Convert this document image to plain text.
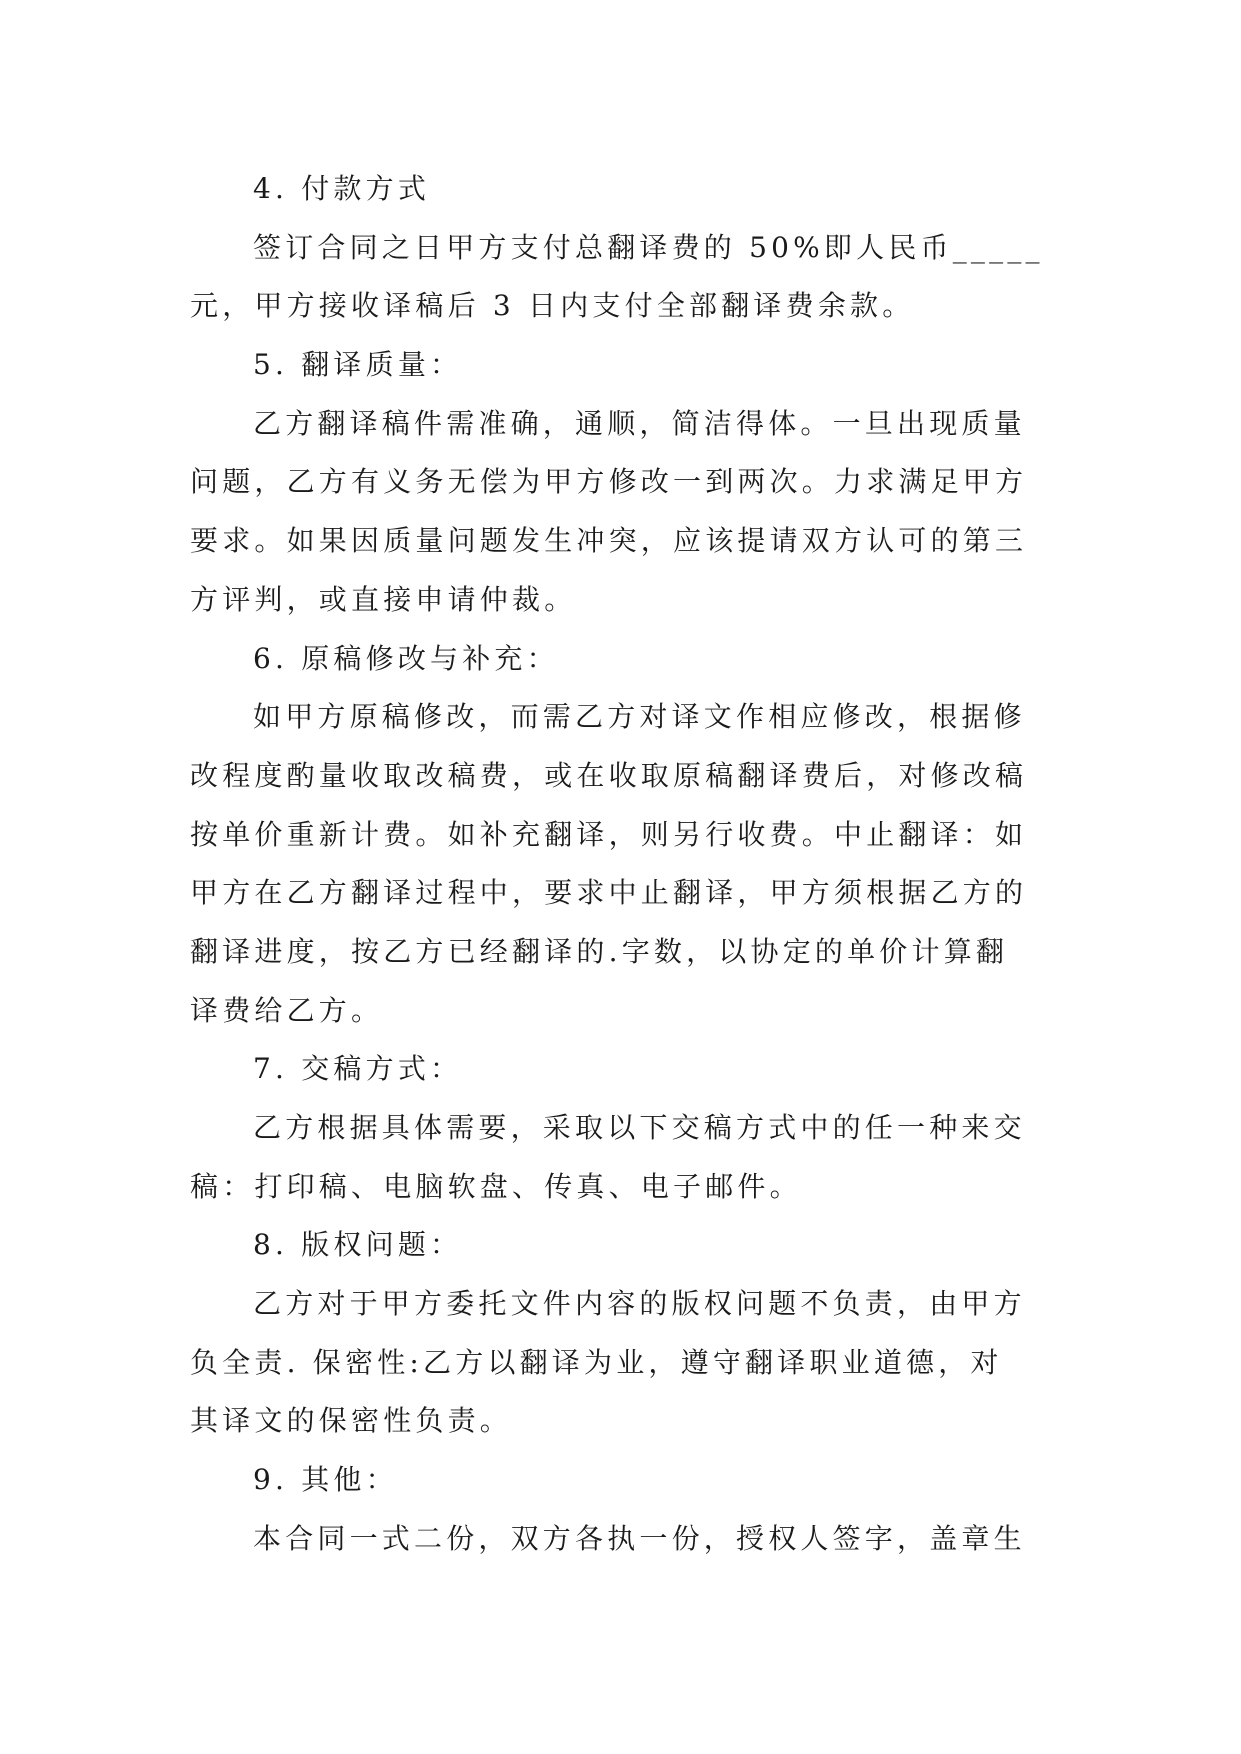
4. 付款方式
签订合同之日甲方支付总翻译费的 50%即人民币_____
元，甲方接收译稿后 3 日内支付全部翻译费余款。
5. 翻译质量：
乙方翻译稿件需准确，通顺，简洁得体。一旦出现质量
问题，乙方有义务无偿为甲方修改一到两次。力求满足甲方
要求。如果因质量问题发生冲突，应该提请双方认可的第三
方评判，或直接申请仲裁。
6. 原稿修改与补充：
如甲方原稿修改，而需乙方对译文作相应修改，根据修
改程度酌量收取改稿费，或在收取原稿翻译费后，对修改稿
按单价重新计费。如补充翻译，则另行收费。中止翻译：如
甲方在乙方翻译过程中，要求中止翻译，甲方须根据乙方的
翻译进度，按乙方已经翻译的.字数，以协定的单价计算翻
译费给乙方。
7. 交稿方式：
乙方根据具体需要，采取以下交稿方式中的任一种来交
稿：打印稿、电脑软盘、传真、电子邮件。
8. 版权问题：
乙方对于甲方委托文件内容的版权问题不负责，由甲方
负全责. 保密性:乙方以翻译为业，遵守翻译职业道德，对
其译文的保密性负责。
9. 其他：
本合同一式二份，双方各执一份，授权人签字，盖章生
